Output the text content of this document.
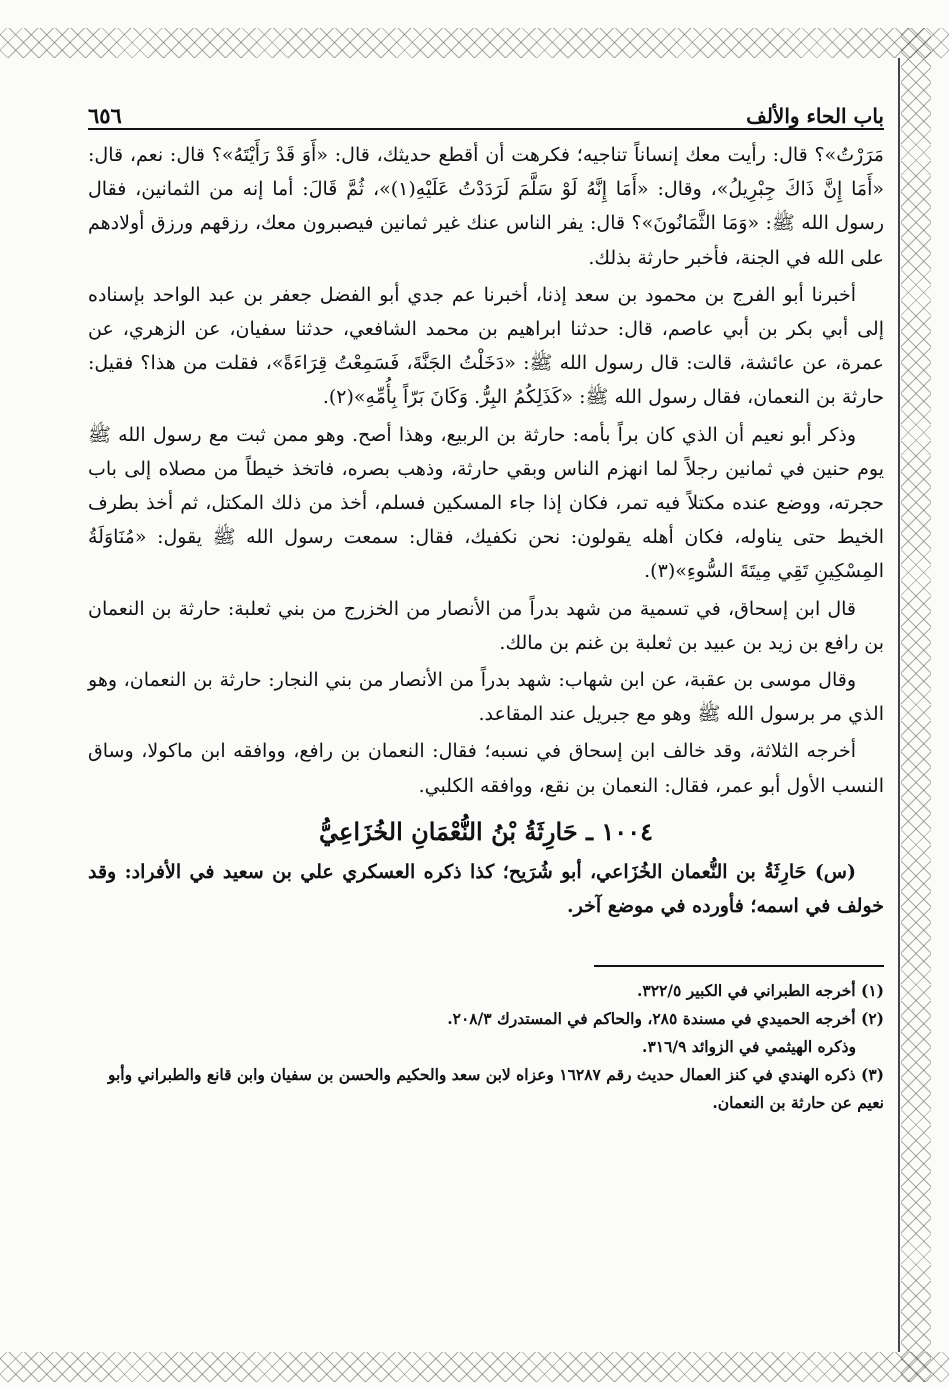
باب الحاء والألف
٦٥٦

مَرَرْتُ»؟ قال: رأيت معك إنساناً تناجيه؛ فكرهت أن أقطع حديثك، قال: «أَوَ قَدْ رَأَيْتَهُ»؟ قال: نعم، قال: «أَمَا إِنَّ ذَاكَ جِبْرِيلُ»، وقال: «أَمَا إِنَّهُ لَوْ سَلَّمَ لَرَدَدْتُ عَلَيْهِ(١)»، ثُمَّ قَالَ: أما إنه من الثمانين، فقال رسول الله ﷺ: «وَمَا الثَّمَانُونَ»؟ قال: يفر الناس عنك غير ثمانين فيصبرون معك، رزقهم ورزق أولادهم على الله في الجنة، فأخبر حارثة بذلك.

أخبرنا أبو الفرج بن محمود بن سعد إذنا، أخبرنا عم جدي أبو الفضل جعفر بن عبد الواحد بإسناده إلى أبي بكر بن أبي عاصم، قال: حدثنا ابراهيم بن محمد الشافعي، حدثنا سفيان، عن الزهري، عن عمرة، عن عائشة، قالت: قال رسول الله ﷺ: «دَخَلْتُ الجَنَّةَ، فَسَمِعْتُ قِرَاءَةً»، فقلت من هذا؟ فقيل: حارثة بن النعمان، فقال رسول الله ﷺ: «كَذَلِكُمُ البِرُّ. وَكَانَ بَرّاً بِأُمِّهِ»(٢).

وذكر أبو نعيم أن الذي كان براً بأمه: حارثة بن الربيع، وهذا أصح. وهو ممن ثبت مع رسول الله ﷺ يوم حنين في ثمانين رجلاً لما انهزم الناس وبقي حارثة، وذهب بصره، فاتخذ خيطاً من مصلاه إلى باب حجرته، ووضع عنده مكتلاً فيه تمر، فكان إذا جاء المسكين فسلم، أخذ من ذلك المكتل، ثم أخذ بطرف الخيط حتى يناوله، فكان أهله يقولون: نحن نكفيك، فقال: سمعت رسول الله ﷺ يقول: «مُنَاوَلَةُ المِسْكِينِ تَقِي مِيتَةَ السُّوءِ»(٣).

قال ابن إسحاق، في تسمية من شهد بدراً من الأنصار من الخزرج من بني ثعلبة: حارثة بن النعمان بن رافع بن زيد بن عبيد بن ثعلبة بن غنم بن مالك.

وقال موسى بن عقبة، عن ابن شهاب: شهد بدراً من الأنصار من بني النجار: حارثة بن النعمان، وهو الذي مر برسول الله ﷺ وهو مع جبريل عند المقاعد.

أخرجه الثلاثة، وقد خالف ابن إسحاق في نسبه؛ فقال: النعمان بن رافع، ووافقه ابن ماكولا، وساق النسب الأول أبو عمر، فقال: النعمان بن نقع، ووافقه الكلبي.

١٠٠٤ ـ حَارِثَةُ بْنُ النُّعْمَانِ الخُزَاعِيُّ

(س) حَارِثَةُ بن النُّعمان الخُزَاعي، أبو شُرَيح؛ كذا ذكره العسكري علي بن سعيد في الأفراد: وقد خولف في اسمه؛ فأورده في موضع آخر.

(١) أخرجه الطبراني في الكبير ٣٢٢/٥.

(٢) أخرجه الحميدي في مسندة ٢٨٥، والحاكم في المستدرك ٢٠٨/٣.

وذكره الهيثمي في الزوائد ٣١٦/٩.

(٣) ذكره الهندي في كنز العمال حديث رقم ١٦٢٨٧ وعزاه لابن سعد والحكيم والحسن بن سفيان وابن قانع والطبراني وأبو نعيم عن حارثة بن النعمان.
